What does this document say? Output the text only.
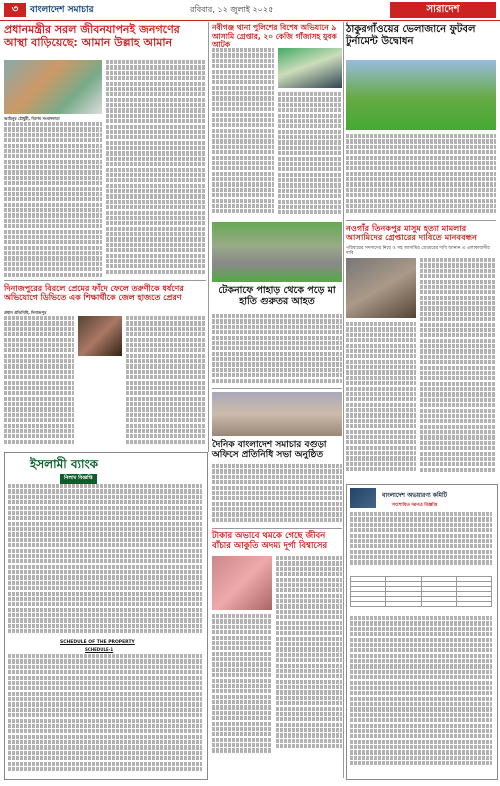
৩	বাংলাদেশ সমাচার	রবিবার, ১২ জুলাই ২০২৫	সারাদেশ
প্রধানমন্ত্রীর সরল জীবনযাপনই জনগণের আস্থা বাড়িয়েছে: আমান উল্লাহ আমান
আমিনুর চৌধুরী, বিশেষ সংবাদদাতা
নবীগঞ্জ থানা পুলিশের বিশেষ অভিযানে ৯ আসামি গ্রেপ্তার, ২০ কেজি গাঁজাসহ যুবক আটক
ঠাকুরগাঁওয়ের ভেলাজানে ফুটবল টুর্নামেন্ট উদ্বোধন
নওগাঁর তিনকপুর মাসুম হত্যা মামলার আসামিদের গ্রেপ্তারের দাবিতে মানববন্ধন
পরিবারের সদস্যদের নিয়ে ও সহ আসামির গ্রেপ্তারের দাবি জানান এ এলাকাবাসীর দাবি
দিনাজপুরের বিরলে প্রেমের ফাঁদে ফেলে তরুণীকে ধর্ষণের অভিযোগে ডিভিতে এক শিক্ষার্থীকে জেল হাজতে প্রেরণ
প্রধান প্রতিনিধি, দিনাজপুর
টেকনাফে পাহাড় থেকে পড়ে মা হাতি গুরুতর আহত
দৈনিক বাংলাদেশ সমাচার বগুড়া অফিসে প্রতিনিধি সভা অনুষ্ঠিত
টাকার অভাবে থমকে গেছে জীবন বাঁচার আকুতি অদম্য দূর্গা বিশ্বাসের
ইসলামী ব্যাংক
নিলাম বিজ্ঞপ্তি
SCHEDULE OF THE PROPERTY
SCHEDULE-1
বাংলাদেশ অভয়ারণ্য কমিটি
সংশোধিত দরপত্র বিজ্ঞপ্তি
